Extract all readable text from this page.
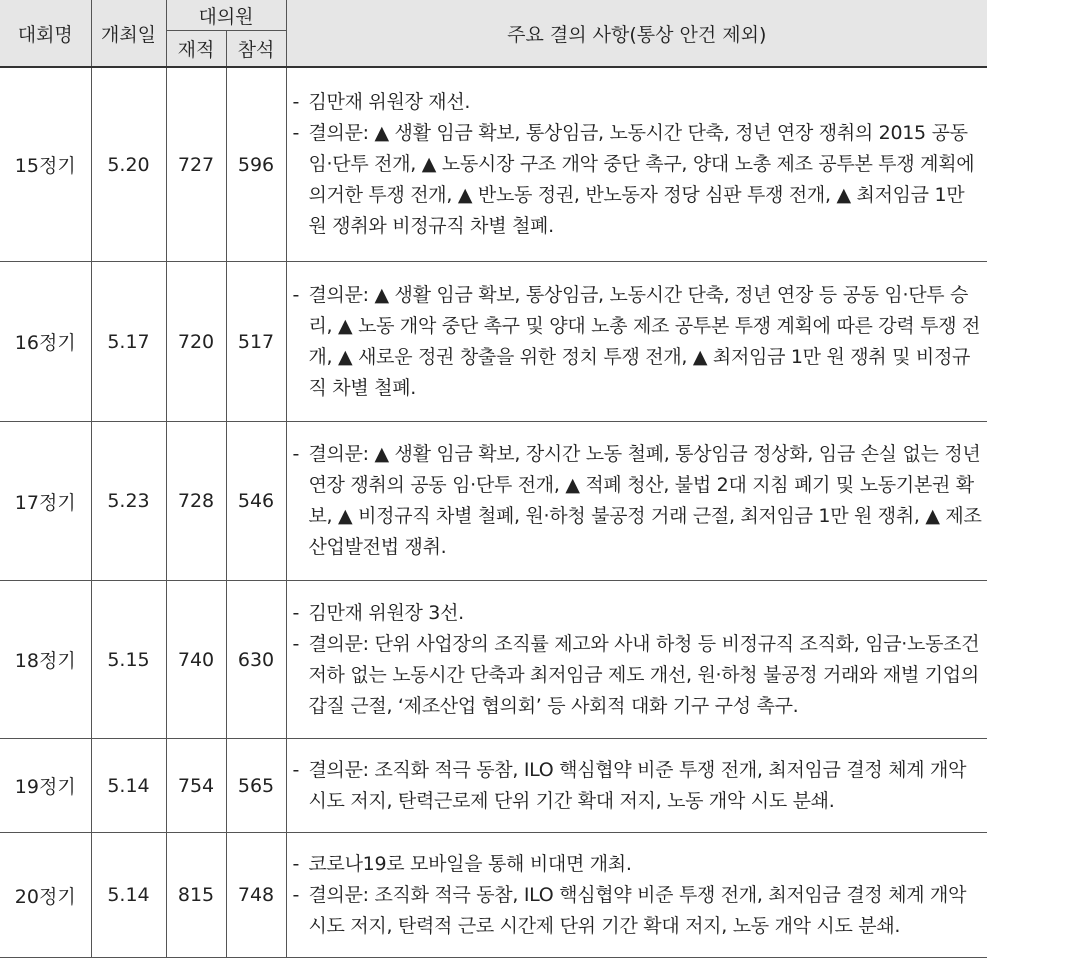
대회명	개최일	대의원		주요 결의 사항(통상 안건 제외)
		재적	참석	
15정기	5.20	727	596	- 김만재 위원장 재선.
- 결의문: ▲ 생활 임금 확보, 통상임금, 노동시간 단축, 정년 연장 쟁취의 2015 공동 임·단투 전개, ▲ 노동시장 구조 개악 중단 촉구, 양대 노총 제조 공투본 투쟁 계획에 의거한 투쟁 전개, ▲ 반노동 정권, 반노동자 정당 심판 투쟁 전개, ▲ 최저임금 1만 원 쟁취와 비정규직 차별 철폐.

16정기	5.17	720	517	- 결의문: ▲ 생활 임금 확보, 통상임금, 노동시간 단축, 정년 연장 등 공동 임·단투 승리, ▲ 노동 개악 중단 촉구 및 양대 노총 제조 공투본 투쟁 계획에 따른 강력 투쟁 전개, ▲ 새로운 정권 창출을 위한 정치 투쟁 전개, ▲ 최저임금 1만 원 쟁취 및 비정규직 차별 철폐.

17정기	5.23	728	546	- 결의문: ▲ 생활 임금 확보, 장시간 노동 철폐, 통상임금 정상화, 임금 손실 없는 정년 연장 쟁취의 공동 임·단투 전개, ▲ 적폐 청산, 불법 2대 지침 폐기 및 노동기본권 확보, ▲ 비정규직 차별 철폐, 원·하청 불공정 거래 근절, 최저임금 1만 원 쟁취, ▲ 제조 산업발전법 쟁취.

18정기	5.15	740	630	- 김만재 위원장 3선.
- 결의문: 단위 사업장의 조직률 제고와 사내 하청 등 비정규직 조직화, 임금·노동조건 저하 없는 노동시간 단축과 최저임금 제도 개선, 원·하청 불공정 거래와 재벌 기업의 갑질 근절, ‘제조산업 협의회’ 등 사회적 대화 기구 구성 촉구.

19정기	5.14	754	565	- 결의문: 조직화 적극 동참, ILO 핵심협약 비준 투쟁 전개, 최저임금 결정 체계 개악 시도 저지, 탄력근로제 단위 기간 확대 저지, 노동 개악 시도 분쇄.

20정기	5.14	815	748	- 코로나19로 모바일을 통해 비대면 개최.
- 결의문: 조직화 적극 동참, ILO 핵심협약 비준 투쟁 전개, 최저임금 결정 체계 개악 시도 저지, 탄력적 근로 시간제 단위 기간 확대 저지, 노동 개악 시도 분쇄.
